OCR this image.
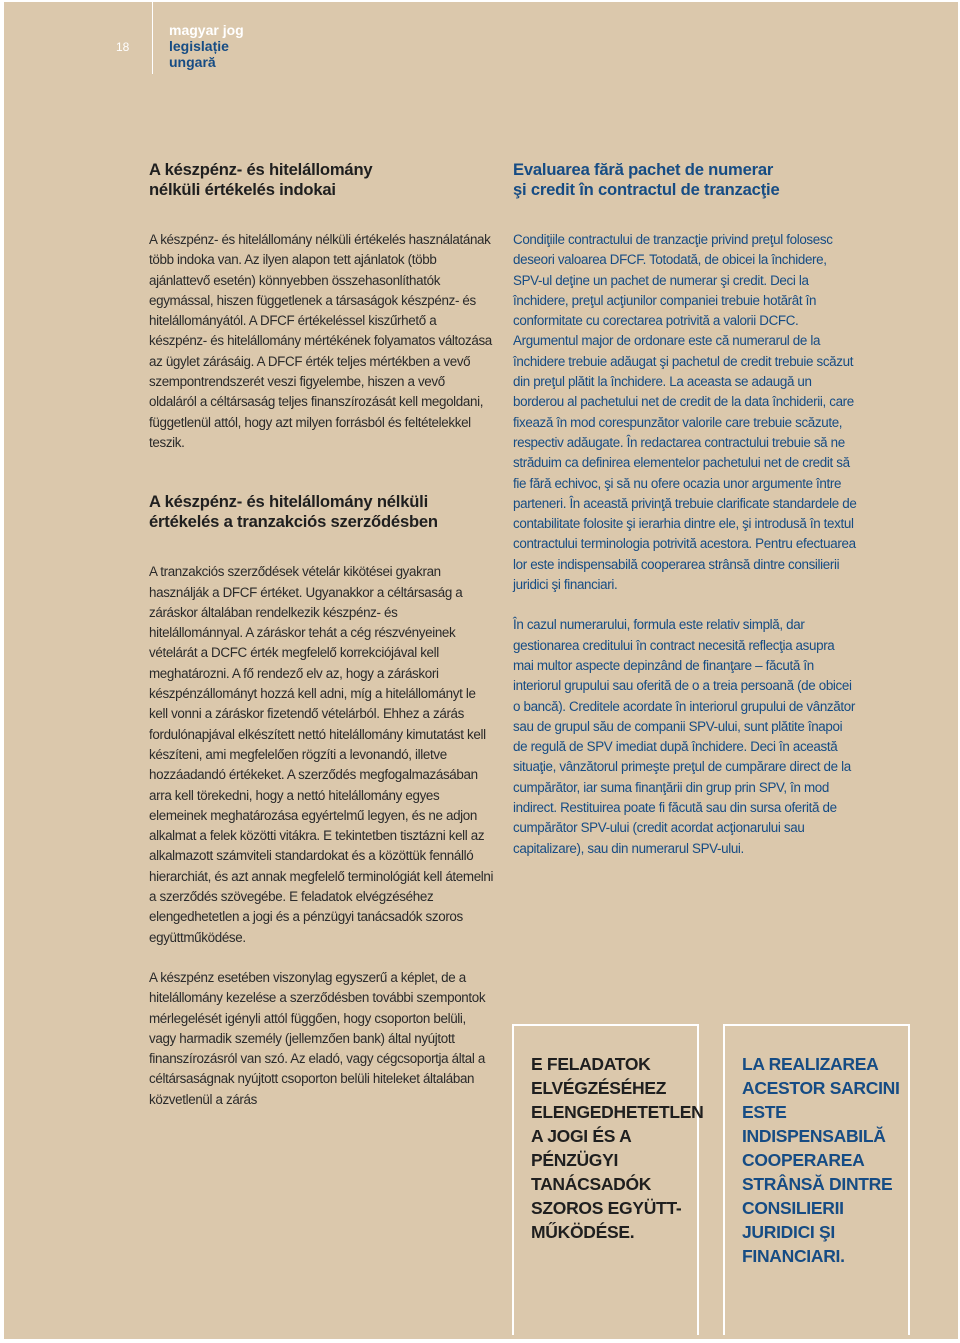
18
magyar jog
legislație
ungară
A készpénz- és hitelállomány
nélküli értékelés indokai

A készpénz- és hitelállomány nélküli értékelés használatának több indoka van. Az ilyen alapon tett ajánlatok (több ajánlattevő esetén) könnyebben összehasonlíthatók egymással, hiszen függetlenek a társaságok készpénz- és hitelállományától. A DFCF értékeléssel kiszűrhető a készpénz- és hitelállomány mértékének folyamatos változása az ügylet zárásáig. A DFCF érték teljes mértékben a vevő szempontrendszerét veszi figyelembe, hiszen a vevő oldaláról a céltársaság teljes finanszírozását kell megoldani, függetlenül attól, hogy azt milyen forrásból és feltételekkel teszik.

A készpénz- és hitelállomány nélküli
értékelés a tranzakciós szerződésben

A tranzakciós szerződések vételár kikötései gyakran használják a DFCF értéket. Ugyanakkor a céltársaság a záráskor általában rendelkezik készpénz- és hitelállománnyal. A záráskor tehát a cég részvényeinek vételárát a DCFC érték megfelelő korrekciójával kell meghatározni. A fő rendező elv az, hogy a záráskori készpénzállományt hozzá kell adni, míg a hitelállományt le kell vonni a záráskor fizetendő vételárból. Ehhez a zárás fordulónapjával elkészített nettó hitelállomány kimutatást kell készíteni, ami megfelelően rögzíti a levonandó, illetve hozzáadandó értékeket. A szerződés megfogalmazásában arra kell törekedni, hogy a nettó hitelállomány egyes elemeinek meghatározása egyértelmű legyen, és ne adjon alkalmat a felek közötti vitákra. E tekintetben tisztázni kell az alkalmazott számviteli standardokat és a közöttük fennálló hierarchiát, és azt annak megfelelő terminológiát kell átemelni a szerződés szövegébe. E feladatok elvégzéséhez elengedhetetlen a jogi és a pénzügyi tanácsadók szoros együttműködése.

A készpénz esetében viszonylag egyszerű a képlet, de a hitelállomány kezelése a szerződésben további szempontok mérlegelését igényli attól függően, hogy csoporton belüli, vagy harmadik személy (jellemzően bank) által nyújtott finanszírozásról van szó. Az eladó, vagy cégcsoportja által a céltársaságnak nyújtott csoporton belüli hiteleket általában közvetlenül a zárás

Evaluarea fără pachet de numerar
şi credit în contractul de tranzacţie

Condiţiile contractului de tranzacţie privind preţul folosesc deseori valoarea DFCF. Totodată, de obicei la închidere, SPV-ul deţine un pachet de numerar şi credit. Deci la închidere, preţul acţiunilor companiei trebuie hotărât în conformitate cu corectarea potrivită a valorii DCFC. Argumentul major de ordonare este că numerarul de la închidere trebuie adăugat şi pachetul de credit trebuie scăzut din preţul plătit la închidere. La aceasta se adaugă un borderou al pachetului net de credit de la data închiderii, care fixează în mod corespunzător valorile care trebuie scăzute, respectiv adăugate. În redactarea contractului trebuie să ne străduim ca definirea elementelor pachetului net de credit să fie fără echivoc, şi să nu ofere ocazia unor argumente între parteneri. În această privinţă trebuie clarificate standardele de contabilitate folosite şi ierarhia dintre ele, şi introdusă în textul contractului terminologia potrivită acestora. Pentru efectuarea lor este indispensabilă cooperarea strânsă dintre consilierii juridici şi financiari.

În cazul numerarului, formula este relativ simplă, dar gestionarea creditului în contract necesită reflecţia asupra mai multor aspecte depinzând de finanţare – făcută în interiorul grupului sau oferită de o a treia persoană (de obicei o bancă). Creditele acordate în interiorul grupului de vânzător sau de grupul său de companii SPV-ului, sunt plătite înapoi de regulă de SPV imediat după închidere. Deci în această situaţie, vânzătorul primeşte preţul de cumpărare direct de la cumpărător, iar suma finanţării din grup prin SPV, în mod indirect. Restituirea poate fi făcută sau din sursa oferită de cumpărător SPV-ului (credit acordat acţionarului sau capitalizare), sau din numerarul SPV-ului.

E FELADATOK ELVÉGZÉSÉHEZ ELENGEDHETETLEN A JOGI ÉS A PÉNZÜGYI TANÁCSADÓK SZOROS EGYÜTT-MŰKÖDÉSE.
LA REALIZAREA ACESTOR SARCINI ESTE INDISPENSABILĂ COOPERAREA STRÂNSĂ DINTRE CONSILIERII JURIDICI ŞI FINANCIARI.
